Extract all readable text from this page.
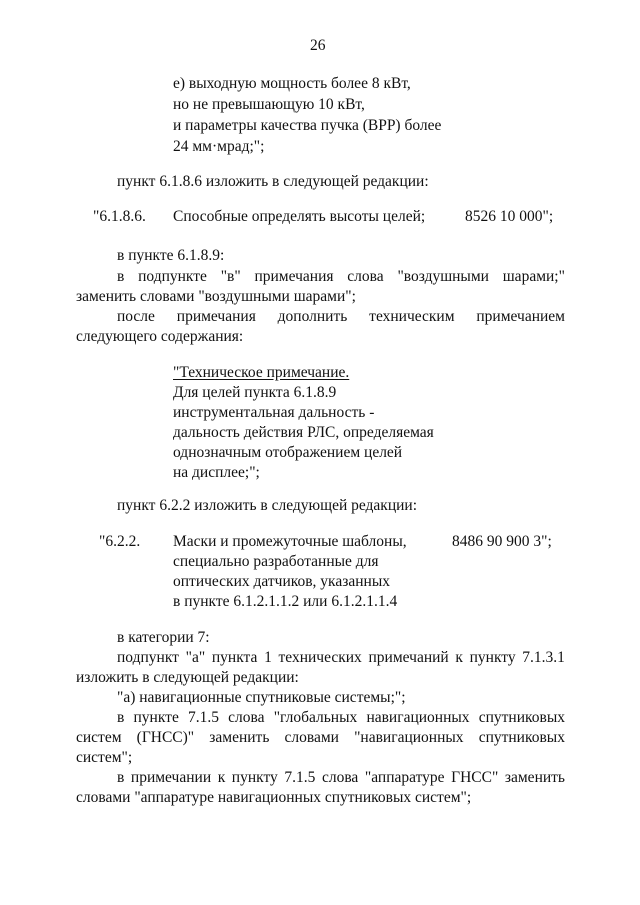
26
е) выходную мощность более 8 кВт,
но не превышающую 10 кВт,
и параметры качества пучка (ВРР) более
24 мм·мрад;";
пункт 6.1.8.6 изложить в следующей редакции:
"6.1.8.6. Способные определять высоты целей;	8526 10 000";
в пункте 6.1.8.9:
в подпункте "в" примечания слова "воздушными шарами;"
заменить словами "воздушными шарами";
после примечания дополнить техническим примечанием
следующего содержания:
"Техническое примечание.
Для целей пункта 6.1.8.9
инструментальная дальность -
дальность действия РЛС, определяемая
однозначным отображением целей
на дисплее;";
пункт 6.2.2 изложить в следующей редакции:
"6.2.2. Маски и промежуточные шаблоны,	8486 90 900 3";
специально разработанные для
оптических датчиков, указанных
в пункте 6.1.2.1.1.2 или 6.1.2.1.1.4
в категории 7:
подпункт "а" пункта 1 технических примечаний к пункту 7.1.3.1
изложить в следующей редакции:
"а) навигационные спутниковые системы;";
в пункте 7.1.5 слова "глобальных навигационных спутниковых
систем (ГНСС)" заменить словами "навигационных спутниковых
систем";
в примечании к пункту 7.1.5 слова "аппаратуре ГНСС" заменить
словами "аппаратуре навигационных спутниковых систем";
